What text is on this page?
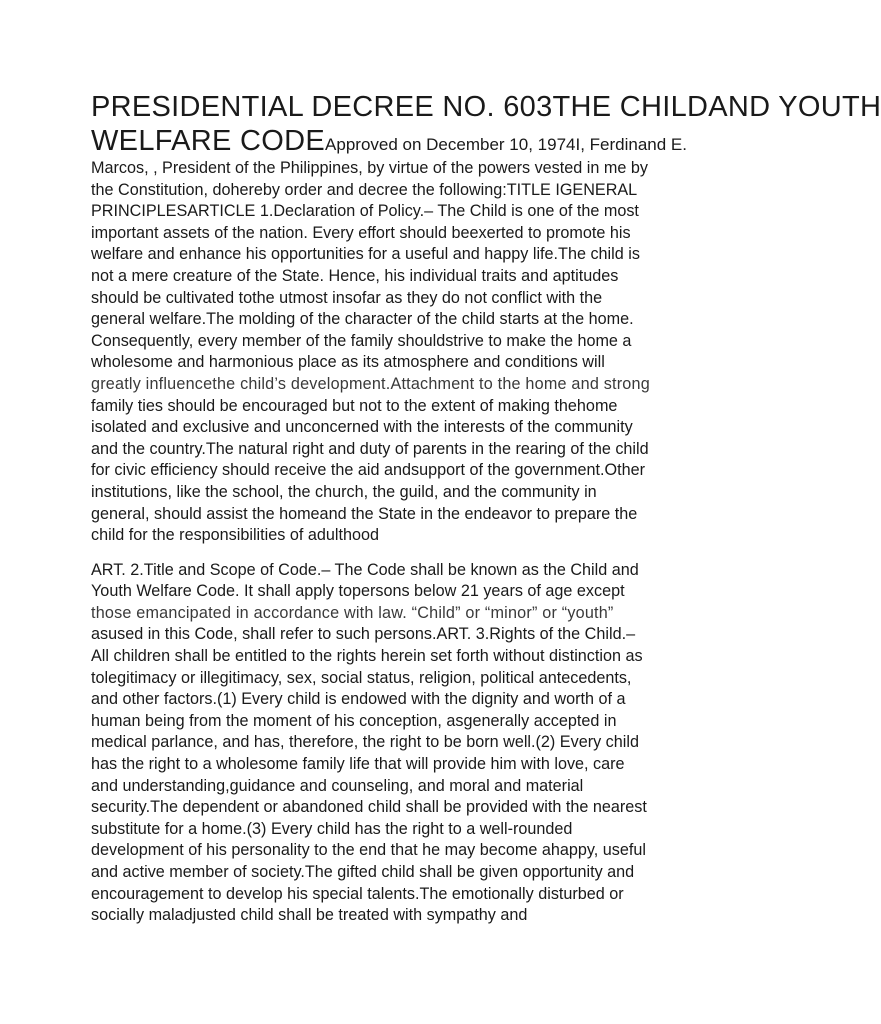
PRESIDENTIAL DECREE NO. 603THE CHILDAND YOUTH
WELFARE CODEApproved on December 10, 1974I, Ferdinand E.
Marcos, , President of the Philippines, by virtue of the powers vested in me by
the Constitution, dohereby order and decree the following:TITLE IGENERAL
PRINCIPLESARTICLE 1.Declaration of Policy.– The Child is one of the most
important assets of the nation. Every effort should beexerted to promote his
welfare and enhance his opportunities for a useful and happy life.The child is
not a mere creature of the State. Hence, his individual traits and aptitudes
should be cultivated tothe utmost insofar as they do not conflict with the
general welfare.The molding of the character of the child starts at the home.
Consequently, every member of the family shouldstrive to make the home a
wholesome and harmonious place as its atmosphere and conditions will
greatly influencethe child’s development.Attachment to the home and strong
family ties should be encouraged but not to the extent of making thehome
isolated and exclusive and unconcerned with the interests of the community
and the country.The natural right and duty of parents in the rearing of the child
for civic efficiency should receive the aid andsupport of the government.Other
institutions, like the school, the church, the guild, and the community in
general, should assist the homeand the State in the endeavor to prepare the
child for the responsibilities of adulthood
ART. 2.Title and Scope of Code.– The Code shall be known as the Child and
Youth Welfare Code. It shall apply topersons below 21 years of age except
those emancipated in accordance with law. “Child” or “minor” or “youth”
asused in this Code, shall refer to such persons.ART. 3.Rights of the Child.–
All children shall be entitled to the rights herein set forth without distinction as
tolegitimacy or illegitimacy, sex, social status, religion, political antecedents,
and other factors.(1) Every child is endowed with the dignity and worth of a
human being from the moment of his conception, asgenerally accepted in
medical parlance, and has, therefore, the right to be born well.(2) Every child
has the right to a wholesome family life that will provide him with love, care
and understanding,guidance and counseling, and moral and material
security.The dependent or abandoned child shall be provided with the nearest
substitute for a home.(3) Every child has the right to a well-rounded
development of his personality to the end that he may become ahappy, useful
and active member of society.The gifted child shall be given opportunity and
encouragement to develop his special talents.The emotionally disturbed or
socially maladjusted child shall be treated with sympathy and
